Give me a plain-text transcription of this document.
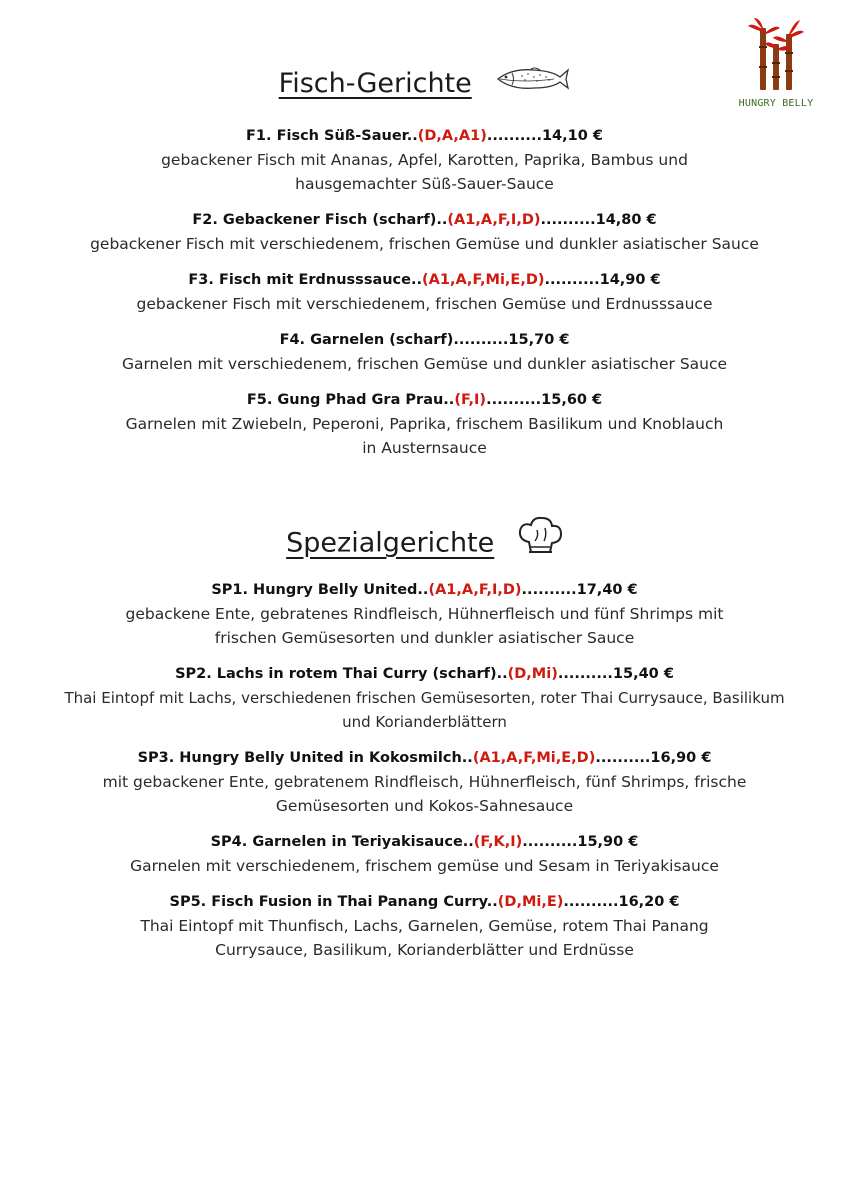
HUNGRY BELLY
Fisch-Gerichte
F1. Fisch Süß-Sauer..(D,A,A1)..........14,10 €
gebackener Fisch mit Ananas, Apfel, Karotten, Paprika, Bambus und
hausgemachter Süß-Sauer-Sauce
F2. Gebackener Fisch (scharf)..(A1,A,F,I,D)..........14,80 €
gebackener Fisch mit verschiedenem, frischen Gemüse und dunkler asiatischer Sauce
F3. Fisch mit Erdnusssauce..(A1,A,F,Mi,E,D)..........14,90 €
gebackener Fisch mit verschiedenem, frischen Gemüse und Erdnusssauce
F4. Garnelen (scharf)..........15,70 €
Garnelen mit verschiedenem, frischen Gemüse und dunkler asiatischer Sauce
F5. Gung Phad Gra Prau..(F,I)..........15,60 €
Garnelen mit Zwiebeln, Peperoni, Paprika, frischem Basilikum und Knoblauch
in Austernsauce
Spezialgerichte
SP1. Hungry Belly United..(A1,A,F,I,D)..........17,40 €
gebackene Ente, gebratenes Rindfleisch, Hühnerfleisch und fünf Shrimps mit
frischen Gemüsesorten und dunkler asiatischer Sauce
SP2. Lachs in rotem Thai Curry (scharf)..(D,Mi)..........15,40 €
Thai Eintopf mit Lachs, verschiedenen frischen Gemüsesorten, roter Thai Currysauce, Basilikum
und Korianderblättern
SP3. Hungry Belly United in Kokosmilch..(A1,A,F,Mi,E,D)..........16,90 €
mit gebackener Ente, gebratenem Rindfleisch, Hühnerfleisch, fünf Shrimps, frische
Gemüsesorten und Kokos-Sahnesauce
SP4. Garnelen in Teriyakisauce..(F,K,I)..........15,90 €
Garnelen mit verschiedenem, frischem gemüse und Sesam in Teriyakisauce
SP5. Fisch Fusion in Thai Panang Curry..(D,Mi,E)..........16,20 €
Thai Eintopf mit Thunfisch, Lachs, Garnelen, Gemüse, rotem Thai Panang
Currysauce, Basilikum, Korianderblätter und Erdnüsse
